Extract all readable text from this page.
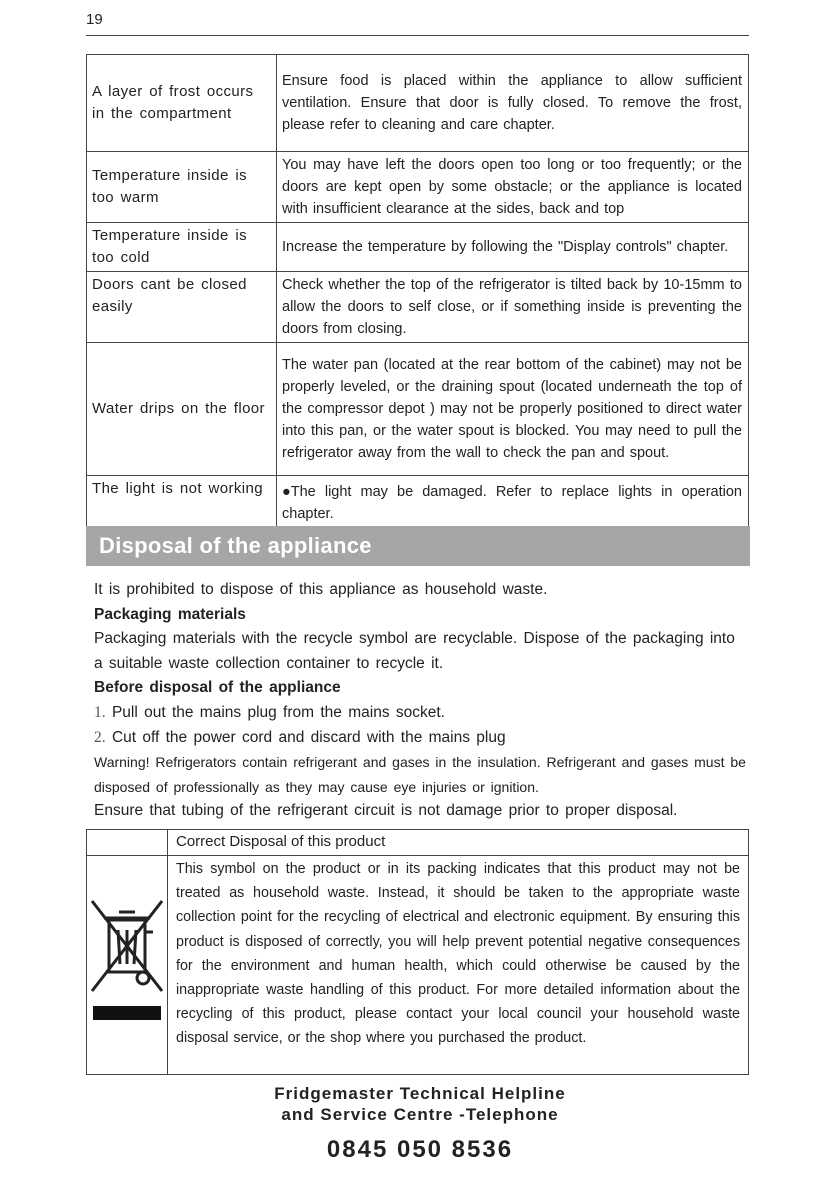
19
A layer of frost occurs in the compartment	Ensure food is placed within the appliance to allow sufficient ventilation. Ensure that door is fully closed. To remove the frost, please refer to cleaning and care chapter.
Temperature inside is too warm	You may have left the doors open too long or too frequently; or the doors are kept open by some obstacle; or the appliance is located with insufficient clearance at the sides, back and top
Temperature inside is too cold	Increase the temperature by following the "Display controls" chapter.
Doors cant be closed easily	Check whether the top of the refrigerator is tilted back by 10-15mm to allow the doors to self close, or if something inside is preventing the doors from closing.
Water drips on the floor	The water pan (located at the rear bottom of the cabinet) may not be properly leveled, or the draining spout (located underneath the top of the compressor depot ) may not be properly positioned to direct water into this pan, or the water spout is blocked. You may need to pull the refrigerator away from the wall to check the pan and spout.
The light is not working	●The light may be damaged. Refer to replace lights in operation chapter.
Disposal of the appliance

It is prohibited to dispose of this appliance as household waste.

Packaging materials

Packaging materials with the recycle symbol are recyclable. Dispose of the packaging into a suitable waste collection container to recycle it.

Before disposal of the appliance

1. Pull out the mains plug from the mains socket.

2. Cut off the power cord and discard with the mains plug

Warning! Refrigerators contain refrigerant and gases in the insulation. Refrigerant and gases must be disposed of professionally as they may cause eye injuries or ignition.

Ensure that tubing of the refrigerant circuit is not damage prior to proper disposal.

	Correct Disposal of this product
	This symbol on the product or in its packing indicates that this product may not be treated as household waste. Instead, it should be taken to the appropriate waste collection point for the recycling of electrical and electronic equipment. By ensuring this product is disposed of correctly, you will help prevent potential negative consequences for the environment and human health, which could otherwise be caused by the inappropriate waste handling of this product. For more detailed information about the recycling of this product, please contact your local council your household waste disposal service, or the shop where you purchased the product.
Fridgemaster Technical Helpline
and Service Centre -Telephone
0845 050 8536
